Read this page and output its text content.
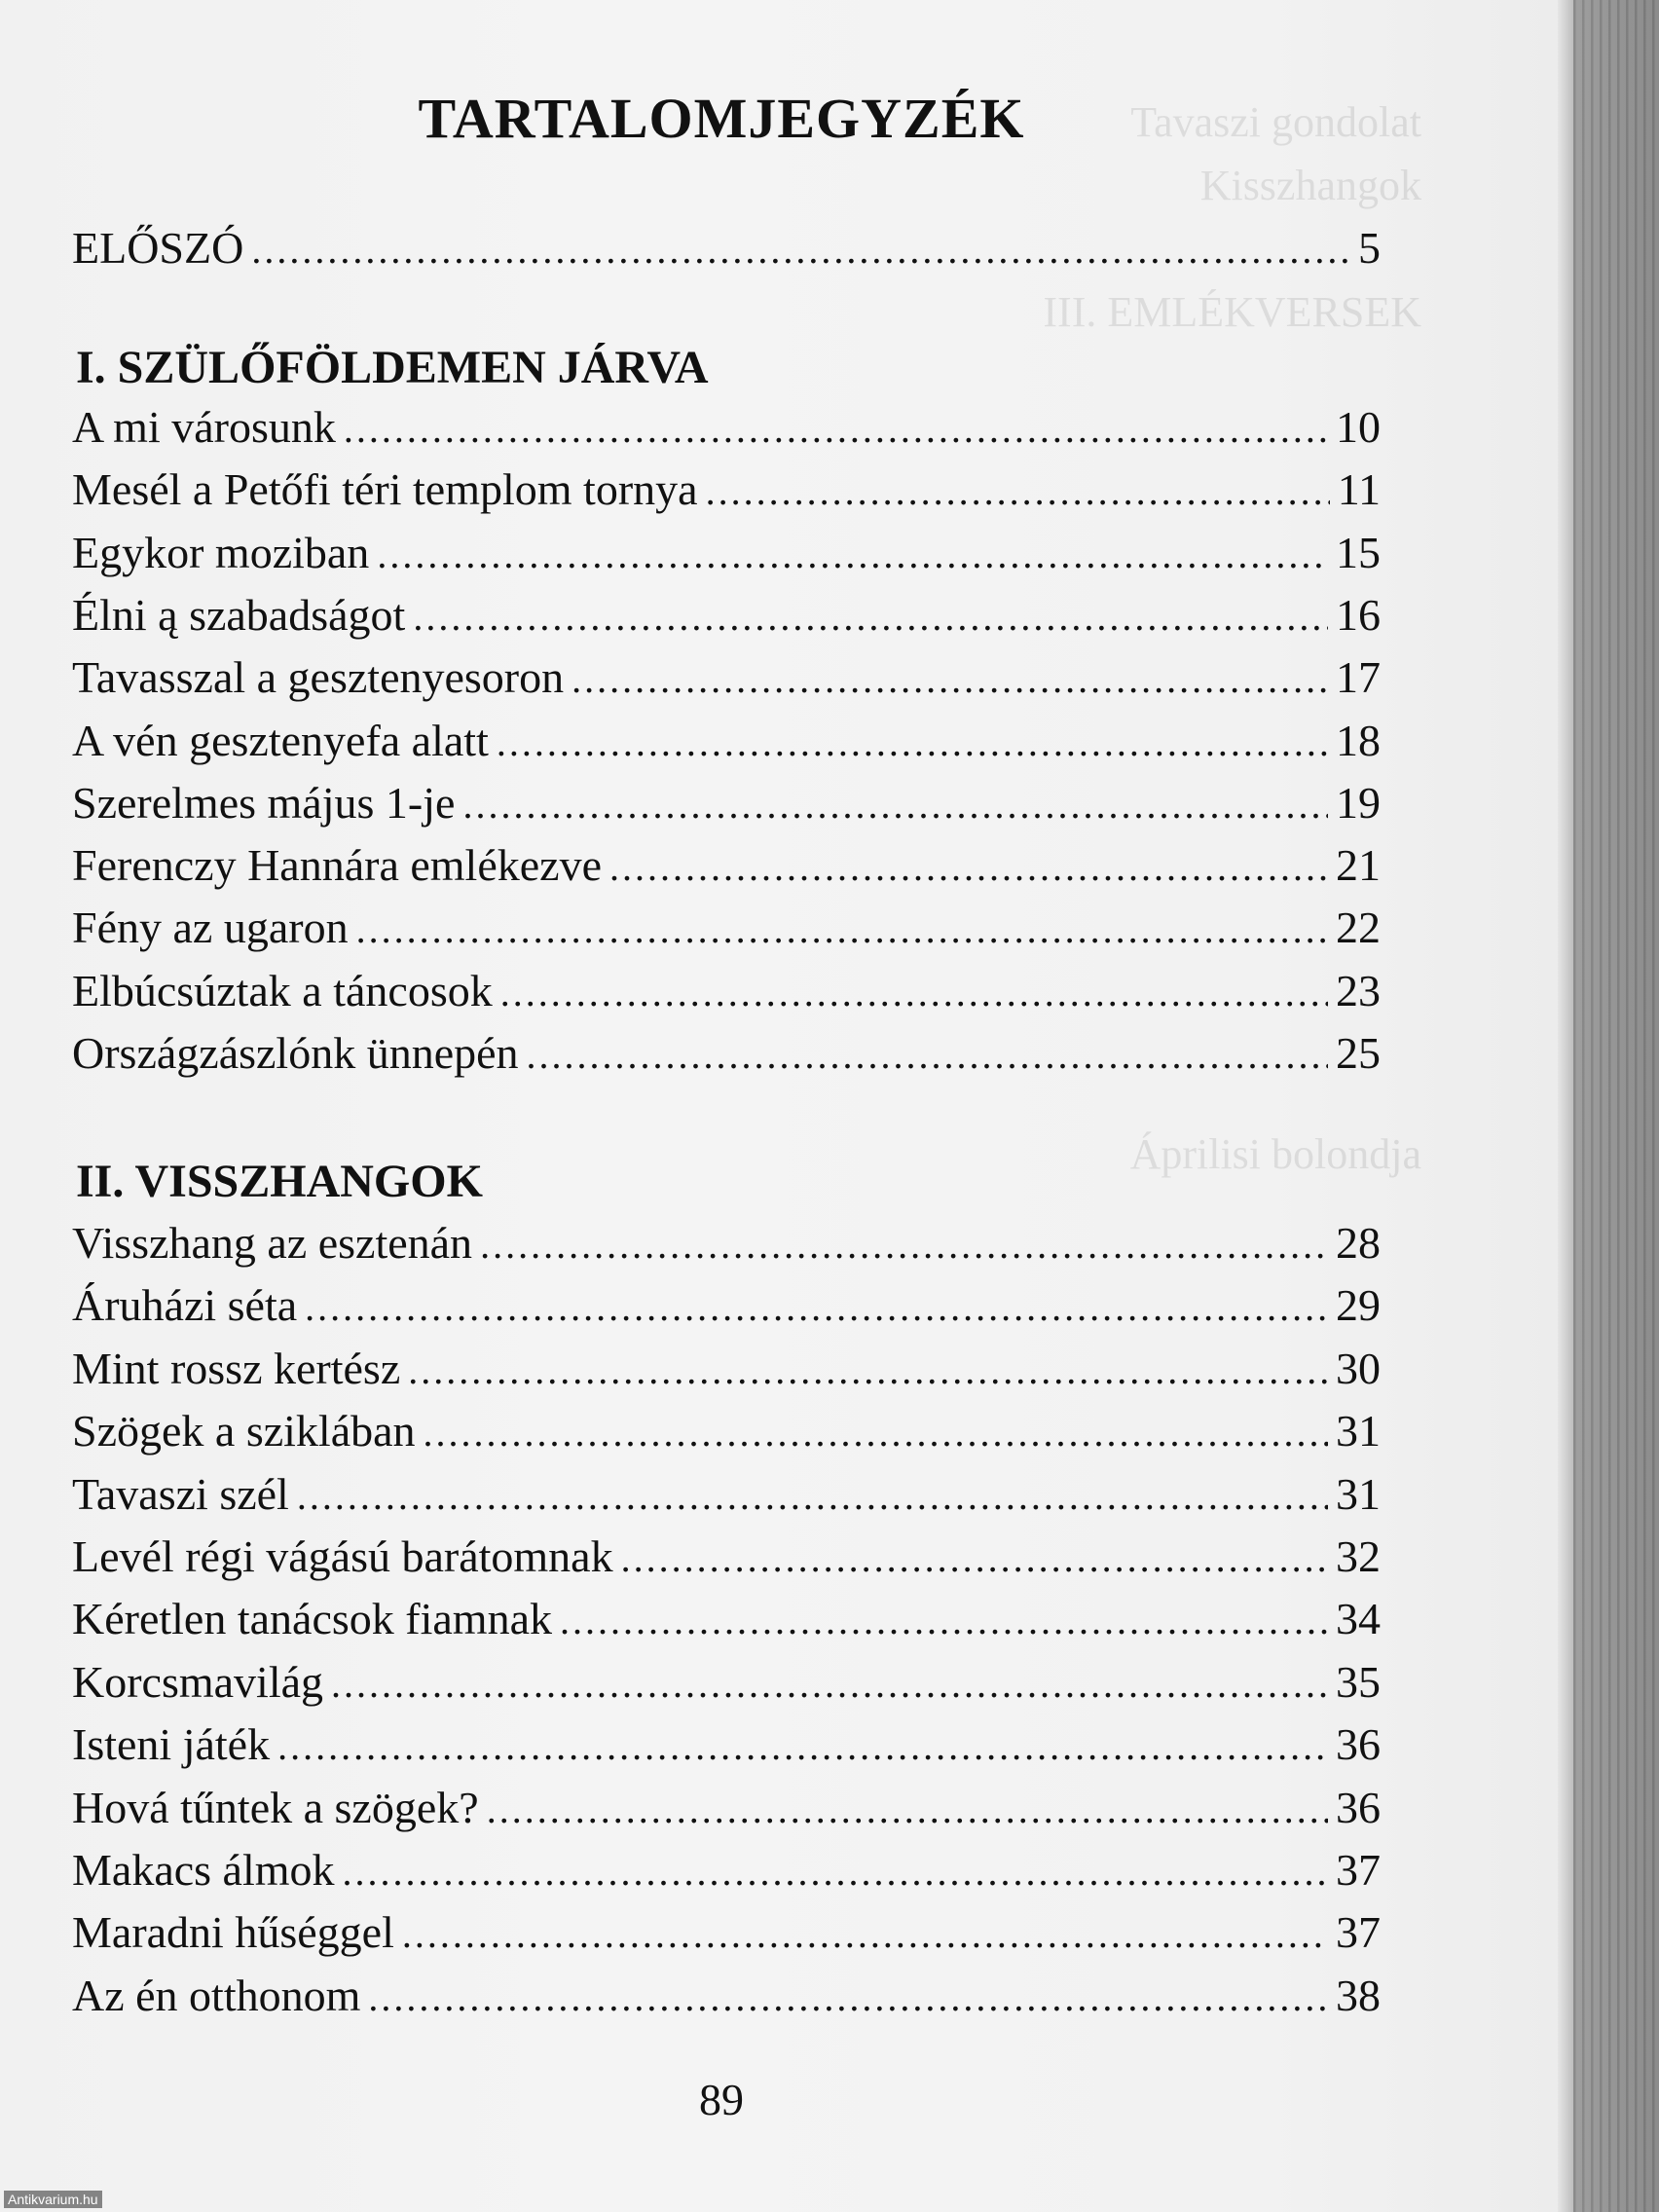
Tavaszi gondolat
Kisszhangok
III. EMLÉKVERSEK
Áprilisi bolondja
TARTALOMJEGYZÉK
ELŐSZÓ .....	5
I. SZÜLŐFÖLDEMEN JÁRVA
A mi városunk .....	10
Mesél a Petőfi téri templom tornya .....	11
Egykor moziban .....	15
Élni ą szabadságot .....	16
Tavasszal a gesztenyesoron .....	17
A vén gesztenyefa alatt .....	18
Szerelmes május 1-je .....	19
Ferenczy Hannára emlékezve .....	21
Fény az ugaron .....	22
Elbúcsúztak a táncosok .....	23
Országzászlónk ünnepén .....	25
II. VISSZHANGOK
Visszhang az esztenán .....	28
Áruházi séta .....	29
Mint rossz kertész .....	30
Szögek a sziklában .....	31
Tavaszi szél .....	31
Levél régi vágású barátomnak .....	32
Kéretlen tanácsok fiamnak .....	34
Korcsmavilág .....	35
Isteni játék .....	36
Hová tűntek a szögek? .....	36
Makacs álmok .....	37
Maradni hűséggel .....	37
Az én otthonom .....	38
89
Antikvarium.hu
